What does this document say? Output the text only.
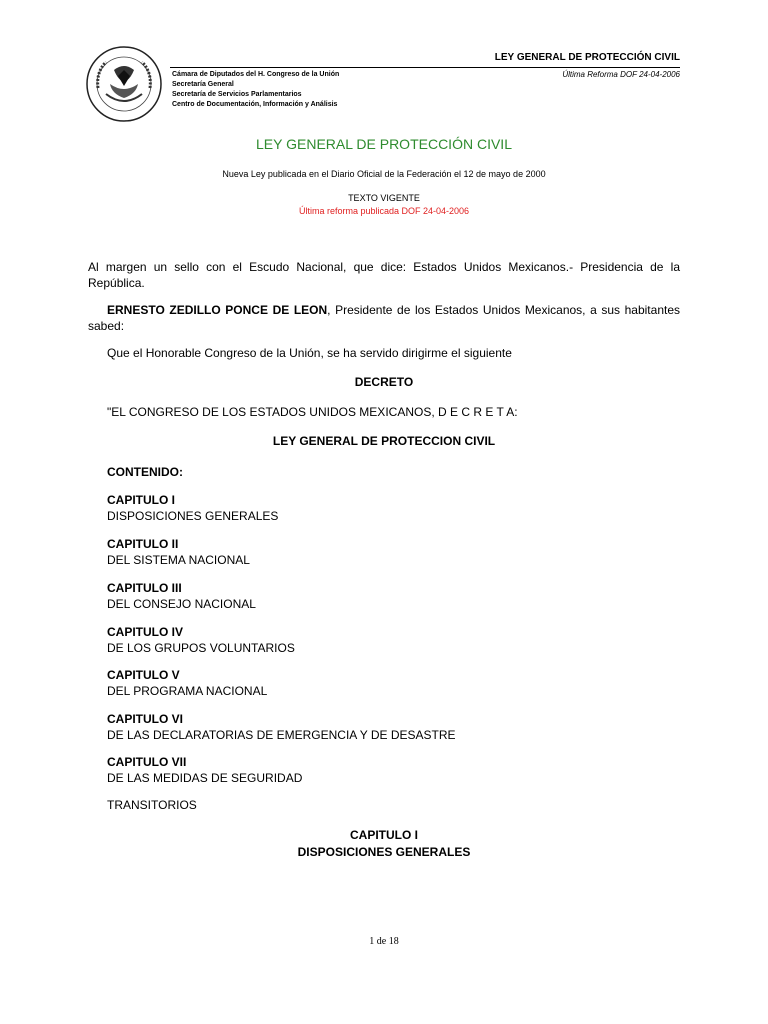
LEY GENERAL DE PROTECCIÓN CIVIL
Cámara de Diputados del H. Congreso de la Unión
Secretaría General
Secretaría de Servicios Parlamentarios
Centro de Documentación, Información y Análisis
Última Reforma DOF 24-04-2006
LEY GENERAL DE PROTECCIÓN CIVIL
Nueva Ley publicada en el Diario Oficial de la Federación el 12 de mayo de 2000
TEXTO VIGENTE
Última reforma publicada DOF 24-04-2006
Al margen un sello con el Escudo Nacional, que dice: Estados Unidos Mexicanos.- Presidencia de la República.
ERNESTO ZEDILLO PONCE DE LEON, Presidente de los Estados Unidos Mexicanos, a sus habitantes sabed:
Que el Honorable Congreso de la Unión, se ha servido dirigirme el siguiente
DECRETO
"EL CONGRESO DE LOS ESTADOS UNIDOS MEXICANOS, D E C R E T A:
LEY GENERAL DE PROTECCION CIVIL
CONTENIDO:
CAPITULO I
DISPOSICIONES GENERALES
CAPITULO II
DEL SISTEMA NACIONAL
CAPITULO III
DEL CONSEJO NACIONAL
CAPITULO IV
DE LOS GRUPOS VOLUNTARIOS
CAPITULO V
DEL PROGRAMA NACIONAL
CAPITULO VI
DE LAS DECLARATORIAS DE EMERGENCIA Y DE DESASTRE
CAPITULO VII
DE LAS MEDIDAS DE SEGURIDAD
TRANSITORIOS
CAPITULO I
DISPOSICIONES GENERALES
1 de 18
